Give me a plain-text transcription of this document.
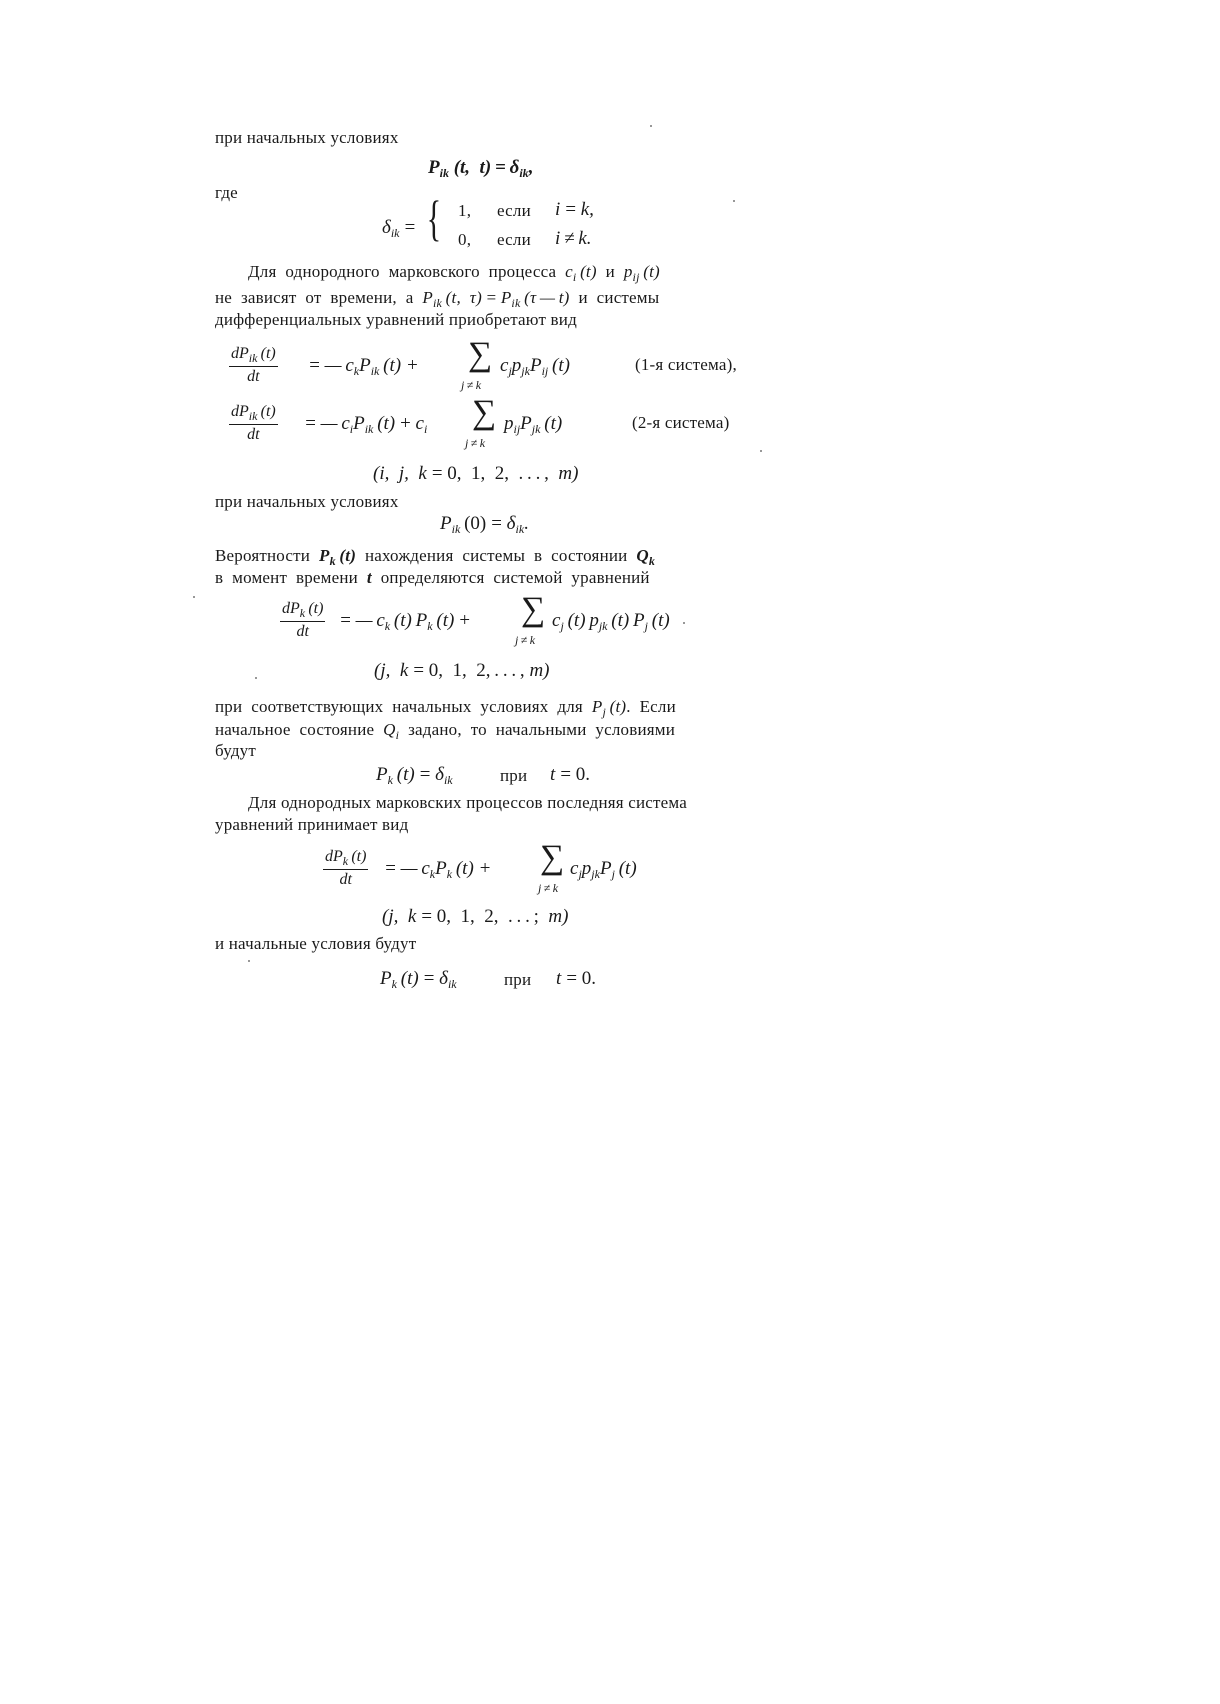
при начальных условиях
$P_{ik}$ (t,  $t) = \delta_{ik}$,
где
$\delta_{ik}$ = { 1, если i = k,
0, если i ≠ k.
Для  однородного  марковского  процесса  $c_i$ (t)  и  $p_{ij}$ (t)
не  зависят  от  времени,  а  $P_{ik}$ (t,  $\tau) = P_{ik}$ (τ — t)  и  системы
дифференциальных уравнений приобретают вид
$dP_{ik}$ (t)
dt
= — $c_kP_{ik}$ (t) + ∑
j ≠ k
$c_jp_{jk}P_{ij}$ (t)	(1-я система),
$dP_{ik}$ (t)
dt
= — $c_iP_{ik}$ $(t) + c_i$ ∑
j ≠ k
$p_{ij}P_{jk}$ (t)	(2-я система)
(i,  j,  k = 0,  1,  2,  . . . ,  m)
при начальных условиях
$P_{ik}$  $(0) = \delta_{ik}$.
Вероятности  $P_k$ (t)  нахождения  системы  в  состоянии  $Q_k$
в  момент  времени  t  определяются  системой  уравнений
$dP_k$ (t)
dt
= — $c_k$ (t) $P_k$ (t) + ∑
j ≠ k
$c_j$ (t) $p_{jk}$ (t) $P_j$ (t)
(j,  k = 0,  1,  2, . . . , m)
при  соответствующих  начальных  условиях  для  $P_j$ (t).  Если
начальное  состояние  $Q_i$  задано,  то  начальными  условиями
будут
$P_k$ $(t) = \delta_{ik}$	при t = 0.
Для однородных марковских процессов последняя система
уравнений принимает вид
$dP_k$ (t)
dt
= — $c_kP_k$ (t) + ∑
j ≠ k
$c_jp_{jk}P_j$ (t)
(j,  k = 0,  1,  2,  . . . ;  m)
и начальные условия будут
$P_k$ $(t) = \delta_{ik}$	при t = 0.
